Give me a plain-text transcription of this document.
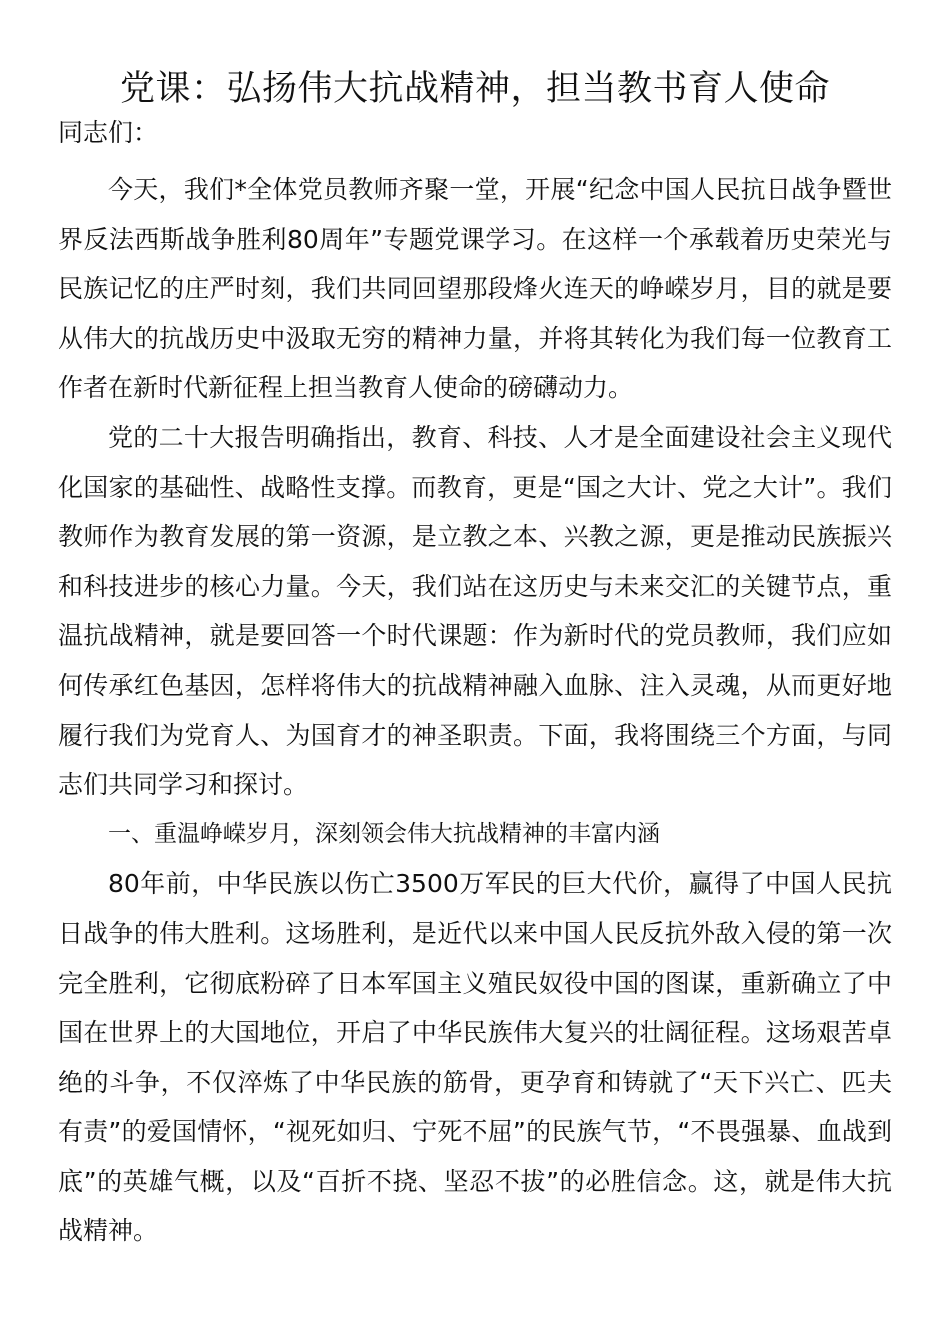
党课：弘扬伟大抗战精神，担当教书育人使命

同志们：

今天，我们*全体党员教师齐聚一堂，开展“纪念中国人民抗日战争暨世界反法西斯战争胜利80周年”专题党课学习。在这样一个承载着历史荣光与民族记忆的庄严时刻，我们共同回望那段烽火连天的峥嵘岁月，目的就是要从伟大的抗战历史中汲取无穷的精神力量，并将其转化为我们每一位教育工作者在新时代新征程上担当教育人使命的磅礴动力。

党的二十大报告明确指出，教育、科技、人才是全面建设社会主义现代化国家的基础性、战略性支撑。而教育，更是“国之大计、党之大计”。我们教师作为教育发展的第一资源，是立教之本、兴教之源，更是推动民族振兴和科技进步的核心力量。今天，我们站在这历史与未来交汇的关键节点，重温抗战精神，就是要回答一个时代课题：作为新时代的党员教师，我们应如何传承红色基因，怎样将伟大的抗战精神融入血脉、注入灵魂，从而更好地履行我们为党育人、为国育才的神圣职责。下面，我将围绕三个方面，与同志们共同学习和探讨。

一、重温峥嵘岁月，深刻领会伟大抗战精神的丰富内涵

80年前，中华民族以伤亡3500万军民的巨大代价，赢得了中国人民抗日战争的伟大胜利。这场胜利，是近代以来中国人民反抗外敌入侵的第一次完全胜利，它彻底粉碎了日本军国主义殖民奴役中国的图谋，重新确立了中国在世界上的大国地位，开启了中华民族伟大复兴的壮阔征程。这场艰苦卓绝的斗争，不仅淬炼了中华民族的筋骨，更孕育和铸就了“天下兴亡、匹夫有责”的爱国情怀，“视死如归、宁死不屈”的民族气节，“不畏强暴、血战到底”的英雄气概，以及“百折不挠、坚忍不拔”的必胜信念。这，就是伟大抗战精神。
